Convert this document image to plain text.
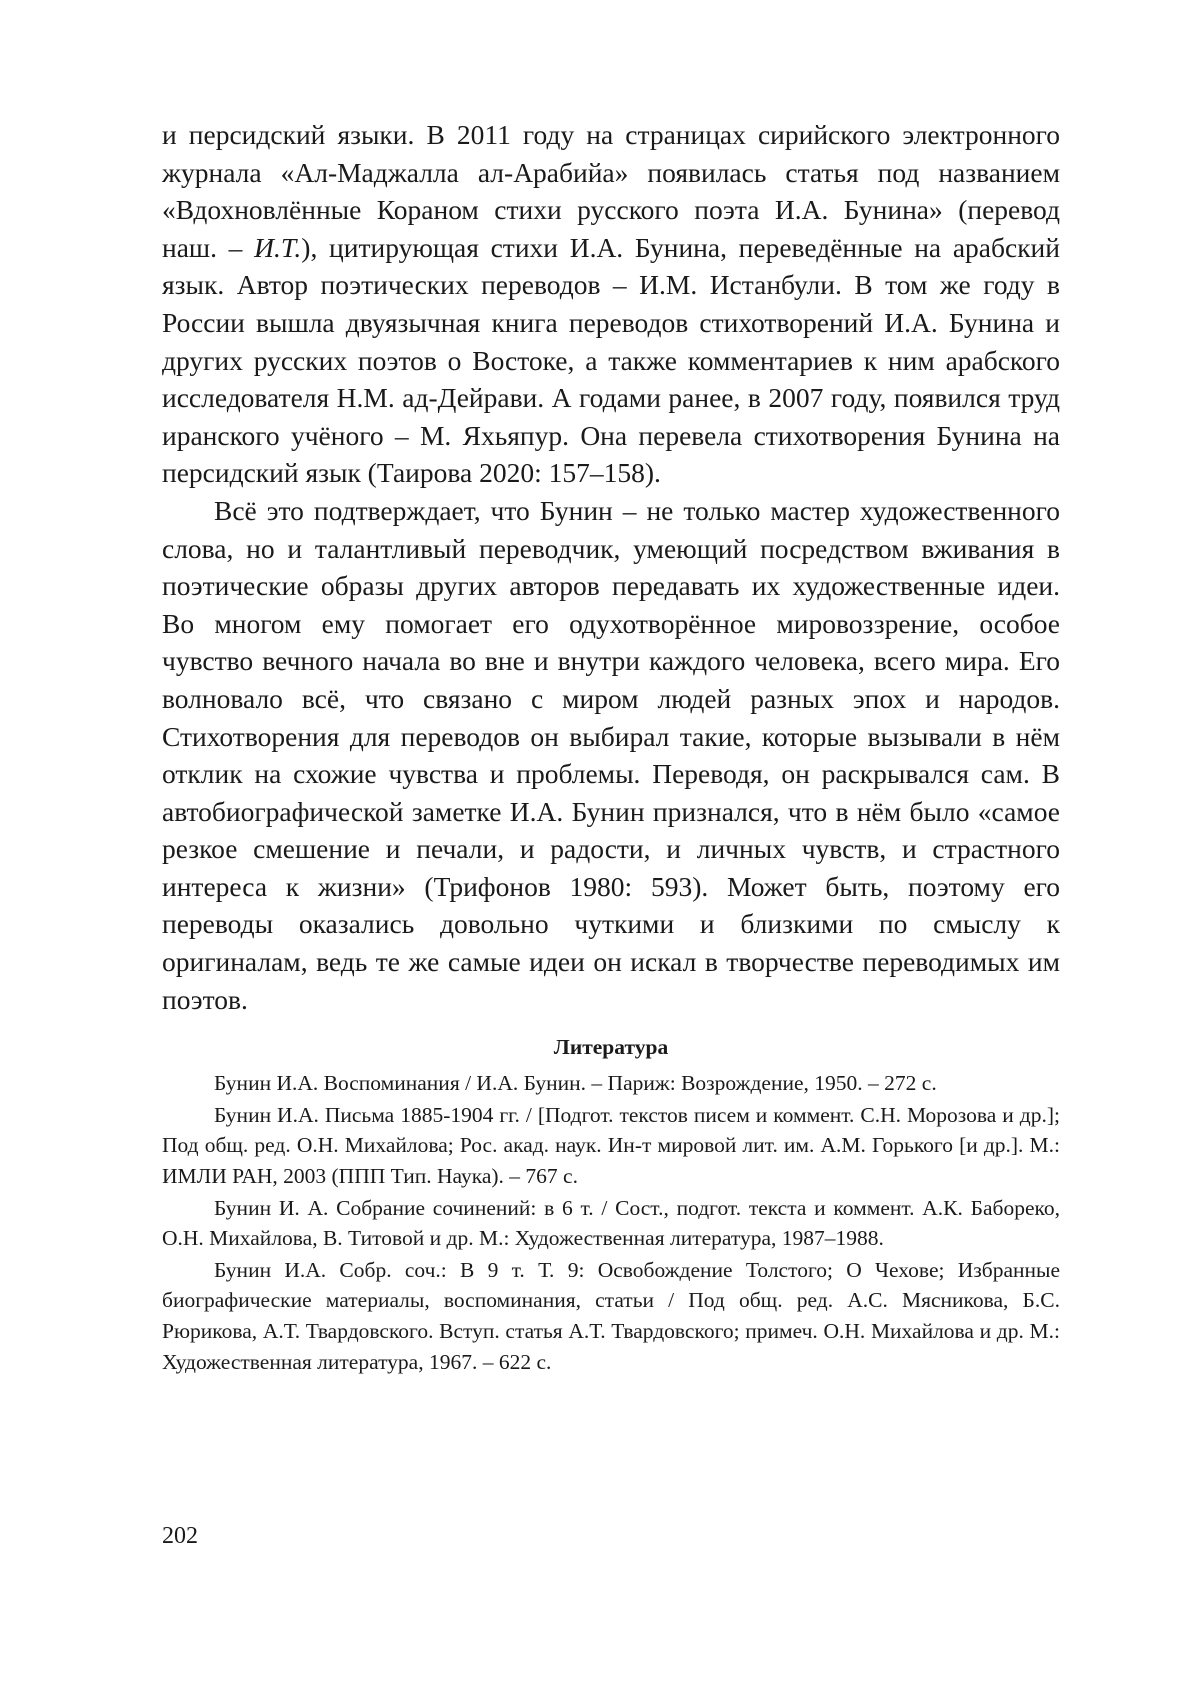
и персидский языки. В 2011 году на страницах сирийского электронного журнала «Ал-Маджалла ал-Арабийа» появилась статья под названием «Вдохновлённые Кораном стихи русского поэта И.А. Бунина» (перевод наш. – И.Т.), цитирующая стихи И.А. Бунина, переведённые на арабский язык. Автор поэтических переводов – И.М. Истанбули. В том же году в России вышла двуязычная книга переводов стихотворений И.А. Бунина и других русских поэтов о Востоке, а также комментариев к ним арабского исследователя Н.М. ад-Дейрави. А годами ранее, в 2007 году, появился труд иранского учёного – М. Яхьяпур. Она перевела стихотворения Бунина на персидский язык (Таирова 2020: 157–158).

Всё это подтверждает, что Бунин – не только мастер художественного слова, но и талантливый переводчик, умеющий посредством вживания в поэтические образы других авторов передавать их художественные идеи. Во многом ему помогает его одухотворённое мировоззрение, особое чувство вечного начала во вне и внутри каждого человека, всего мира. Его волновало всё, что связано с миром людей разных эпох и народов. Стихотворения для переводов он выбирал такие, которые вызывали в нём отклик на схожие чувства и проблемы. Переводя, он раскрывался сам. В автобиографической заметке И.А. Бунин признался, что в нём было «самое резкое смешение и печали, и радости, и личных чувств, и страстного интереса к жизни» (Трифонов 1980: 593). Может быть, поэтому его переводы оказались довольно чуткими и близкими по смыслу к оригиналам, ведь те же самые идеи он искал в творчестве переводимых им поэтов.

Литература

Бунин И.А. Воспоминания / И.А. Бунин. – Париж: Возрождение, 1950. – 272 с.

Бунин И.А. Письма 1885-1904 гг. / [Подгот. текстов писем и коммент. С.Н. Морозова и др.]; Под общ. ред. О.Н. Михайлова; Рос. акад. наук. Ин-т мировой лит. им. А.М. Горького [и др.]. М.: ИМЛИ РАН, 2003 (ППП Тип. Наука). – 767 с.

Бунин И. А. Собрание сочинений: в 6 т. / Сост., подгот. текста и коммент. А.К. Бабореко, О.Н. Михайлова, В. Титовой и др. М.: Художественная литература, 1987–1988.

Бунин И.А. Собр. соч.: В 9 т. Т. 9: Освобождение Толстого; О Чехове; Избранные биографические материалы, воспоминания, статьи / Под общ. ред. А.С. Мясникова, Б.С. Рюрикова, А.Т. Твардовского. Вступ. статья А.Т. Твардовского; примеч. О.Н. Михайлова и др. М.: Художественная литература, 1967. – 622 с.

202
